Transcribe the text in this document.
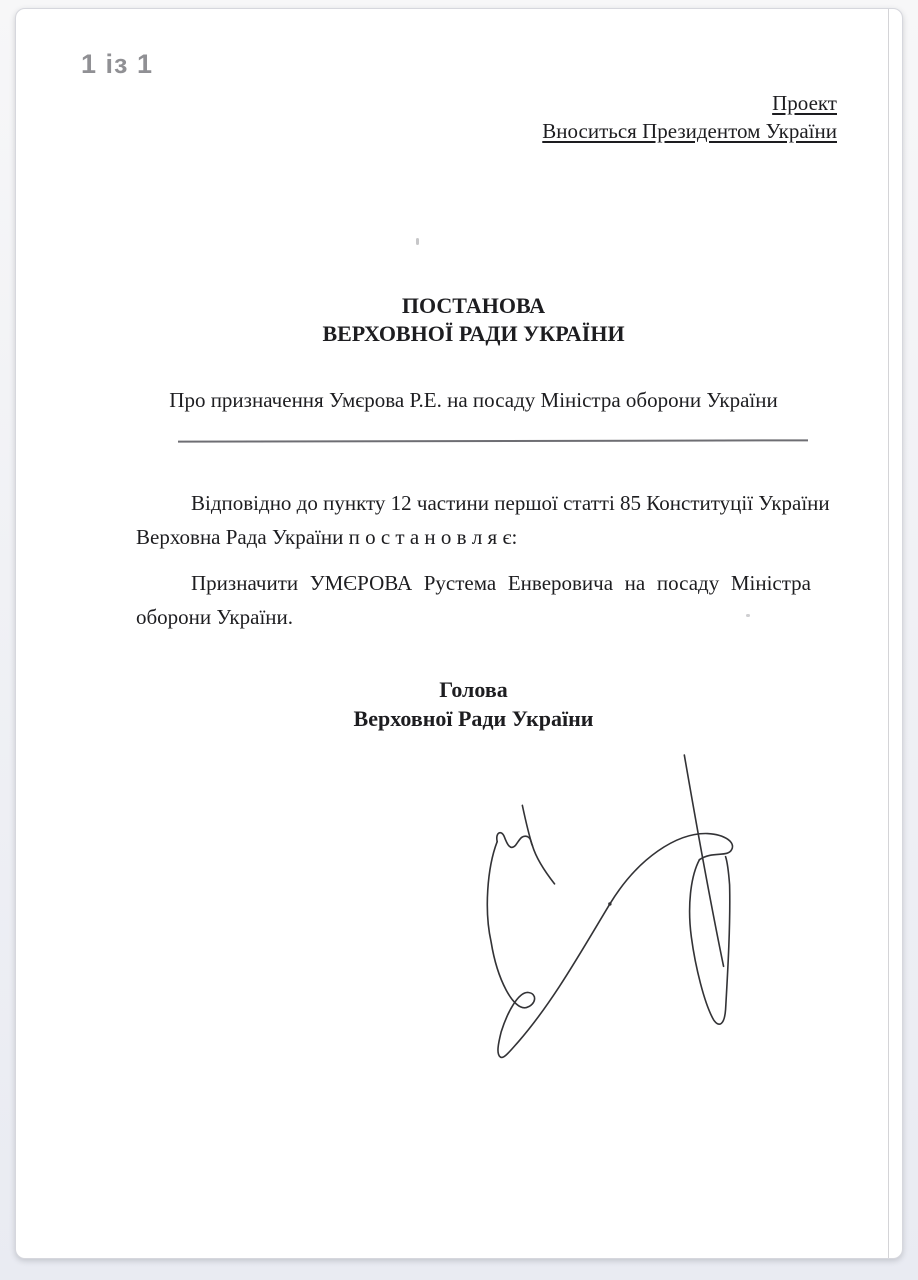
1 із 1
Проект
Вноситься Президентом України
ПОСТАНОВА
ВЕРХОВНОЇ РАДИ УКРАЇНИ
Про призначення Умєрова Р.Е. на посаду Міністра оборони України
Відповідно до пункту 12 частини першої статті 85 Конституції України
Верховна Рада України п о с т а н о в л я є:
Призначити УМЄРОВА Рустема Енверовича на посаду Міністра
оборони України.
Голова
Верховної Ради України
